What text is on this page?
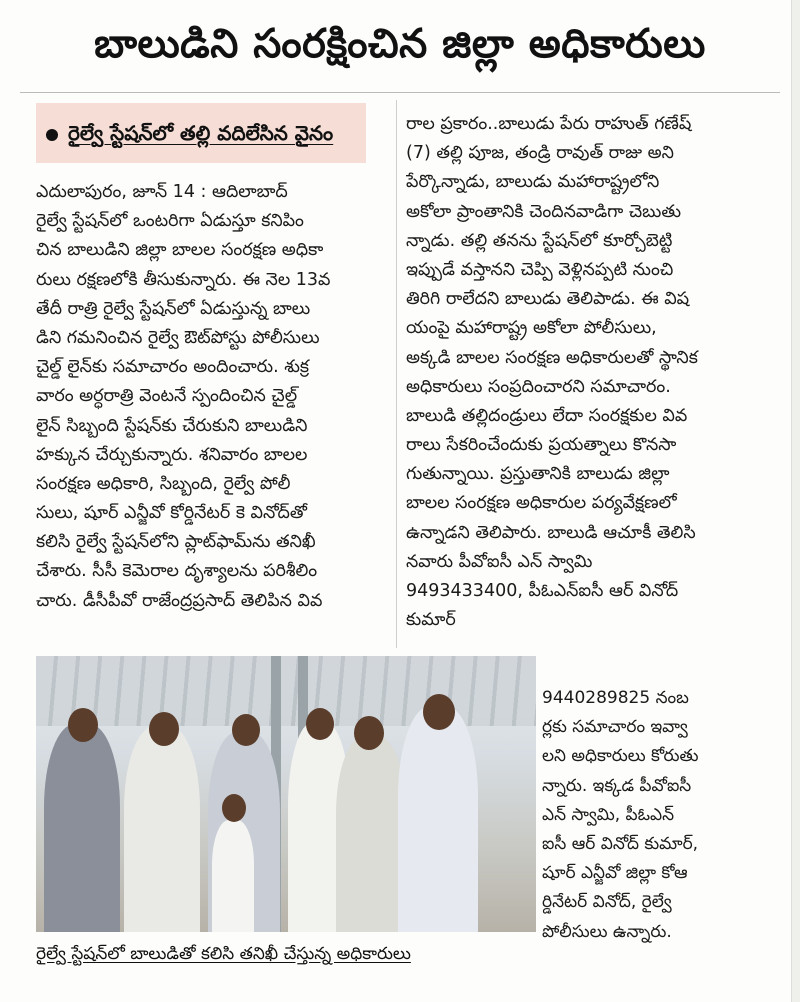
బాలుడిని సంరక్షించిన జిల్లా అధికారులు
రైల్వే స్టేషన్‌లో తల్లి వదిలేసిన వైనం
ఎదులాపురం, జూన్ 14 : ఆదిలాబాద్
రైల్వే స్టేషన్‌లో ఒంటరిగా ఏడుస్తూ కనిపిం
చిన బాలుడిని జిల్లా బాలల సంరక్షణ అధికా
రులు రక్షణలోకి తీసుకున్నారు. ఈ నెల 13వ
తేదీ రాత్రి రైల్వే స్టేషన్‌లో ఏడుస్తున్న బాలు
డిని గమనించిన రైల్వే ఔట్‌పోస్టు పోలీసులు
చైల్డ్ లైన్‌కు సమాచారం అందించారు. శుక్ర
వారం అర్ధరాత్రి వెంటనే స్పందించిన చైల్డ్
లైన్ సిబ్బంది స్టేషన్‌కు చేరుకుని బాలుడిని
హక్కున చేర్చుకున్నారు. శనివారం బాలల
సంరక్షణ అధికారి, సిబ్బంది, రైల్వే పోలీ
సులు, షూర్ ఎన్జీవో కోర్డినేటర్ కె వినోద్‌తో
కలిసి రైల్వే స్టేషన్‌లోని ప్లాట్‌ఫామ్‌ను తనిఖీ
చేశారు. సీసీ కెమెరాల దృశ్యాలను పరిశీలిం
చారు. డీసీపీవో రాజేంద్రప్రసాద్ తెలిపిన వివ
రాల ప్రకారం..బాలుడు పేరు రాహుత్ గణేష్
(7) తల్లి పూజ, తండ్రి రావుత్ రాజు అని
పేర్కొన్నాడు, బాలుడు మహారాష్ట్రలోని
అకోలా ప్రాంతానికి చెందినవాడిగా చెబుతు
న్నాడు. తల్లి తనను స్టేషన్‌లో కూర్చోబెట్టి
ఇప్పుడే వస్తానని చెప్పి వెళ్లినప్పటి నుంచి
తిరిగి రాలేదని బాలుడు తెలిపాడు. ఈ విష
యంపై మహారాష్ట్ర అకోలా పోలీసులు,
అక్కడి బాలల సంరక్షణ అధికారులతో స్థానిక
అధికారులు సంప్రదించారని సమాచారం.
బాలుడి తల్లిదండ్రులు లేదా సంరక్షకుల వివ
రాలు సేకరించేందుకు ప్రయత్నాలు కొనసా
గుతున్నాయి. ప్రస్తుతానికి బాలుడు జిల్లా
బాలల సంరక్షణ అధికారుల పర్యవేక్షణలో
ఉన్నాడని తెలిపారు. బాలుడి ఆచూకీ తెలిసి
నవారు పీవోఐసీ ఎన్ స్వామి
9493433400, పీఓఎన్ఐసీ ఆర్ వినోద్
కుమార్
9440289825 నంబ
ర్లకు సమాచారం ఇవ్వా
లని అధికారులు కోరుతు
న్నారు. ఇక్కడ పీవోఐసీ
ఎన్ స్వామి, పీఓఎన్
ఐసీ ఆర్ వినోద్ కుమార్,
షూర్ ఎన్జీవో జిల్లా కోఆ
ర్డినేటర్ వినోద్, రైల్వే
పోలీసులు ఉన్నారు.
రైల్వే స్టేషన్‌లో బాలుడితో కలిసి తనిఖీ చేస్తున్న అధికారులు
